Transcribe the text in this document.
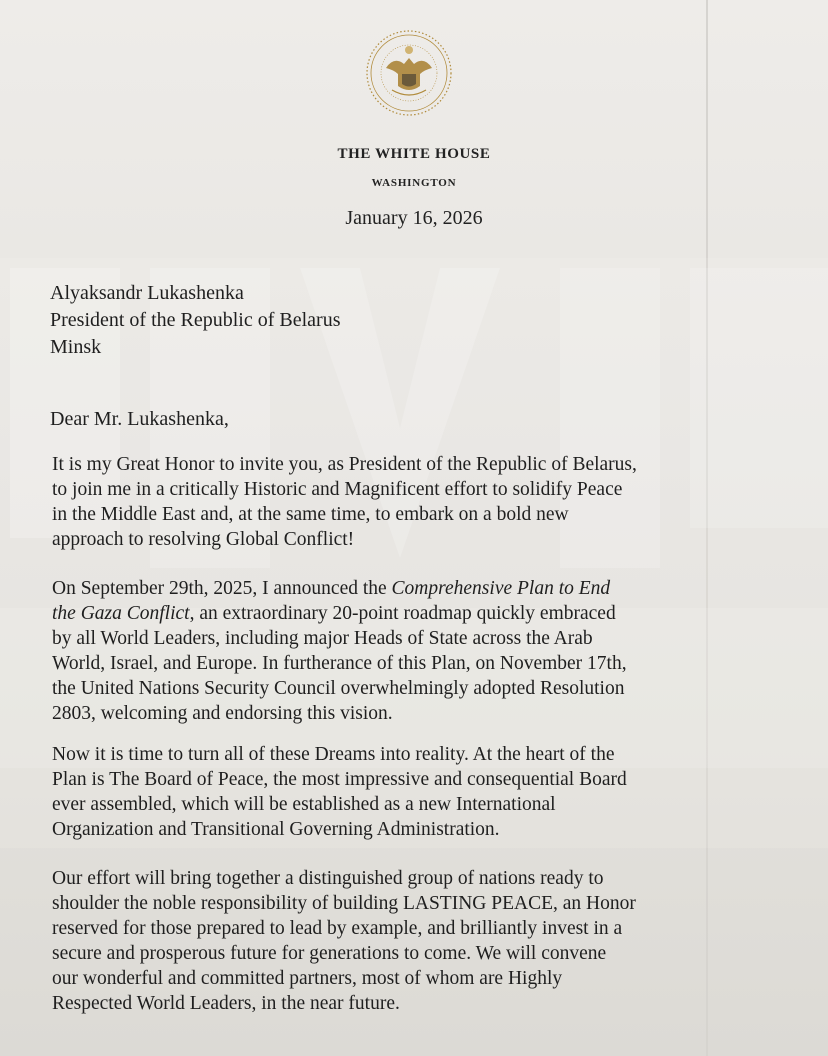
THE WHITE HOUSE
WASHINGTON
January 16, 2026
Alyaksandr Lukashenka
President of the Republic of Belarus
Minsk
Dear Mr. Lukashenka,

It is my Great Honor to invite you, as President of the Republic of Belarus,

to join me in a critically Historic and Magnificent effort to solidify Peace

in the Middle East and, at the same time, to embark on a bold new

approach to resolving Global Conflict!

On September 29th, 2025, I announced the Comprehensive Plan to End

the Gaza Conflict, an extraordinary 20-point roadmap quickly embraced

by all World Leaders, including major Heads of State across the Arab

World, Israel, and Europe. In furtherance of this Plan, on November 17th,

the United Nations Security Council overwhelmingly adopted Resolution

2803, welcoming and endorsing this vision.

Now it is time to turn all of these Dreams into reality. At the heart of the

Plan is The Board of Peace, the most impressive and consequential Board

ever assembled, which will be established as a new International

Organization and Transitional Governing Administration.

Our effort will bring together a distinguished group of nations ready to

shoulder the noble responsibility of building LASTING PEACE, an Honor

reserved for those prepared to lead by example, and brilliantly invest in a

secure and prosperous future for generations to come. We will convene

our wonderful and committed partners, most of whom are Highly

Respected World Leaders, in the near future.
